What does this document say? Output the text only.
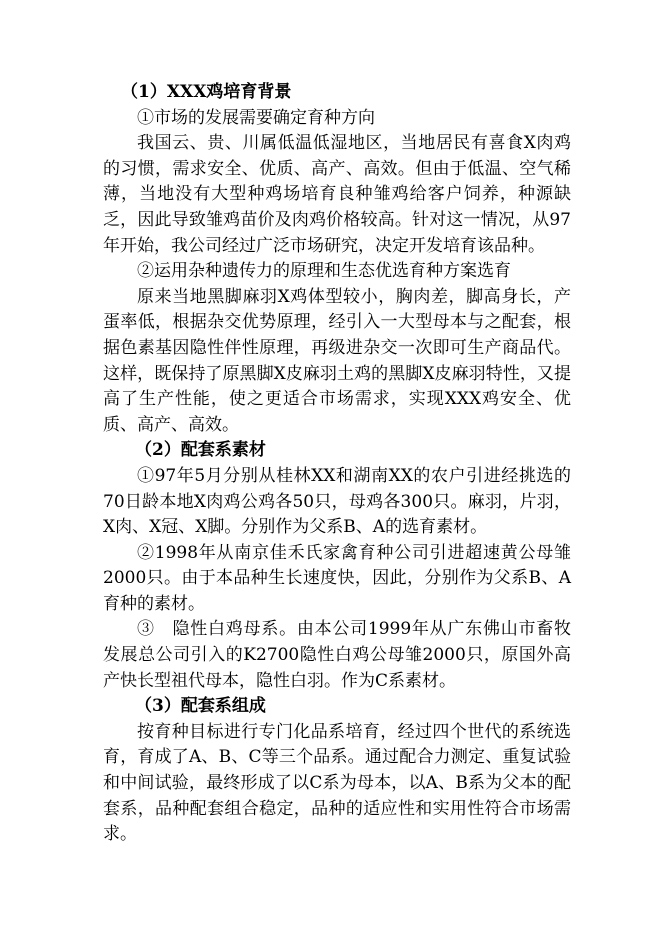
（1）XXX鸡培育背景

①市场的发展需要确定育种方向

我国云、贵、川属低温低湿地区，当地居民有喜食X肉鸡的习惯，需求安全、优质、高产、高效。但由于低温、空气稀薄，当地没有大型种鸡场培育良种雏鸡给客户饲养，种源缺乏，因此导致雏鸡苗价及肉鸡价格较高。针对这一情况，从97年开始，我公司经过广泛市场研究，决定开发培育该品种。

②运用杂种遗传力的原理和生态优选育种方案选育

原来当地黑脚麻羽X鸡体型较小，胸肉差，脚高身长，产蛋率低，根据杂交优势原理，经引入一大型母本与之配套，根据色素基因隐性伴性原理，再级进杂交一次即可生产商品代。这样，既保持了原黑脚X皮麻羽土鸡的黑脚X皮麻羽特性，又提高了生产性能，使之更适合市场需求，实现XXX鸡安全、优质、高产、高效。

（2）配套系素材

①97年5月分别从桂林XX和湖南XX的农户引进经挑选的70日龄本地X肉鸡公鸡各50只，母鸡各300只。麻羽，片羽，X肉、X冠、X脚。分别作为父系B、A的选育素材。

②1998年从南京佳禾氏家禽育种公司引进超速黄公母雏2000只。由于本品种生长速度快，因此，分别作为父系B、A育种的素材。

③　隐性白鸡母系。由本公司1999年从广东佛山市畜牧发展总公司引入的K2700隐性白鸡公母雏2000只，原国外高产快长型祖代母本，隐性白羽。作为C系素材。

（3）配套系组成

按育种目标进行专门化品系培育，经过四个世代的系统选育，育成了A、B、C等三个品系。通过配合力测定、重复试验和中间试验，最终形成了以C系为母本，以A、B系为父本的配套系，品种配套组合稳定，品种的适应性和实用性符合市场需求。
